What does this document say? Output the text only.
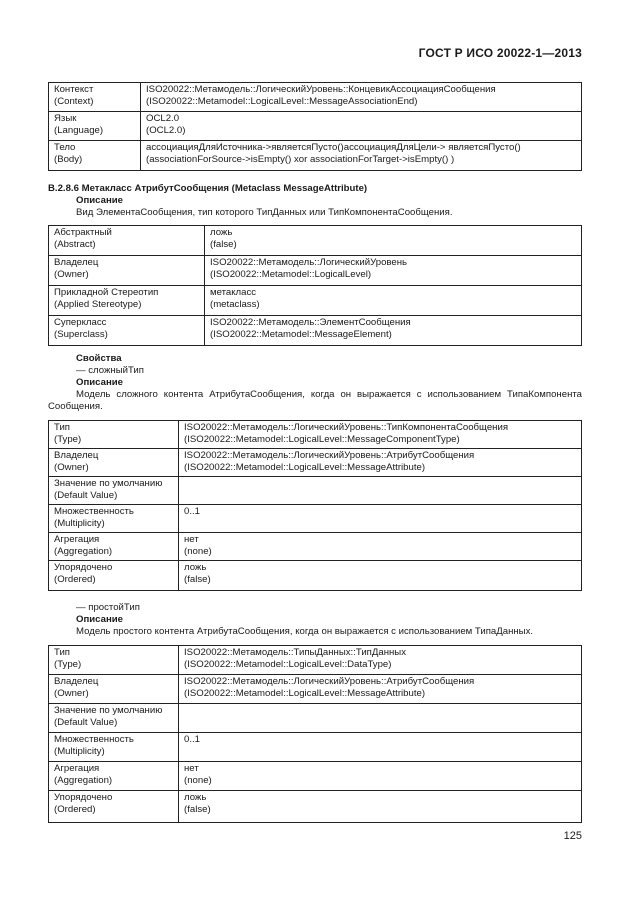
ГОСТ Р ИСО 20022-1—2013
Контекст
(Context)	ISO20022::Метамодель::ЛогическийУровень::КонцевикАссоциацияСообщения
(ISO20022::Metamodel::LogicalLevel::MessageAssociationEnd)

Язык
(Language)	OCL2.0
(OCL2.0)

Тело
(Body)	ассоциацияДляИсточника->являетсяПусто()ассоциацияДляЦели-> являетсяПусто()
(associationForSource->isEmpty() xor associationForTarget->isEmpty() )
B.2.8.6 Метакласс АтрибутСообщения (Metaclass MessageAttribute)
Описание
Вид ЭлементаСообщения, тип которого ТипДанных или ТипКомпонентаСообщения.
Абстрактный
(Abstract)	ложь
(false)

Владелец
(Owner)	ISO20022::Метамодель::ЛогическийУровень
(ISO20022::Metamodel::LogicalLevel)

Прикладной Стереотип
(Applied Stereotype)	метакласс
(metaclass)

Суперкласс
(Superclass)	ISO20022::Метамодель::ЭлементСообщения
(ISO20022::Metamodel::MessageElement)
Свойства
— сложныйТип
Описание
Модель сложного контента АтрибутаСообщения, когда он выражается с использованием ТипаКомпонента Сообщения.
Тип
(Type)	ISO20022::Метамодель::ЛогическийУровень::ТипКомпонентаСообщения
(ISO20022::Metamodel::LogicalLevel::MessageComponentType)

Владелец
(Owner)	ISO20022::Метамодель::ЛогическийУровень::АтрибутСообщения
(ISO20022::Metamodel::LogicalLevel::MessageAttribute)

Значение по умолчанию
(Default Value)	

Множественность
(Multiplicity)	0..1

Агрегация
(Aggregation)	нет
(none)

Упорядочено
(Ordered)	ложь
(false)
— простойТип
Описание
Модель простого контента АтрибутаСообщения, когда он выражается с использованием ТипаДанных.
Тип
(Type)	ISO20022::Метамодель::ТипыДанных::ТипДанных
(ISO20022::Metamodel::LogicalLevel::DataType)

Владелец
(Owner)	ISO20022::Метамодель::ЛогическийУровень::АтрибутСообщения
(ISO20022::Metamodel::LogicalLevel::MessageAttribute)

Значение по умолчанию
(Default Value)	

Множественность
(Multiplicity)	0..1

Агрегация
(Aggregation)	нет
(none)

Упорядочено
(Ordered)	ложь
(false)
125
